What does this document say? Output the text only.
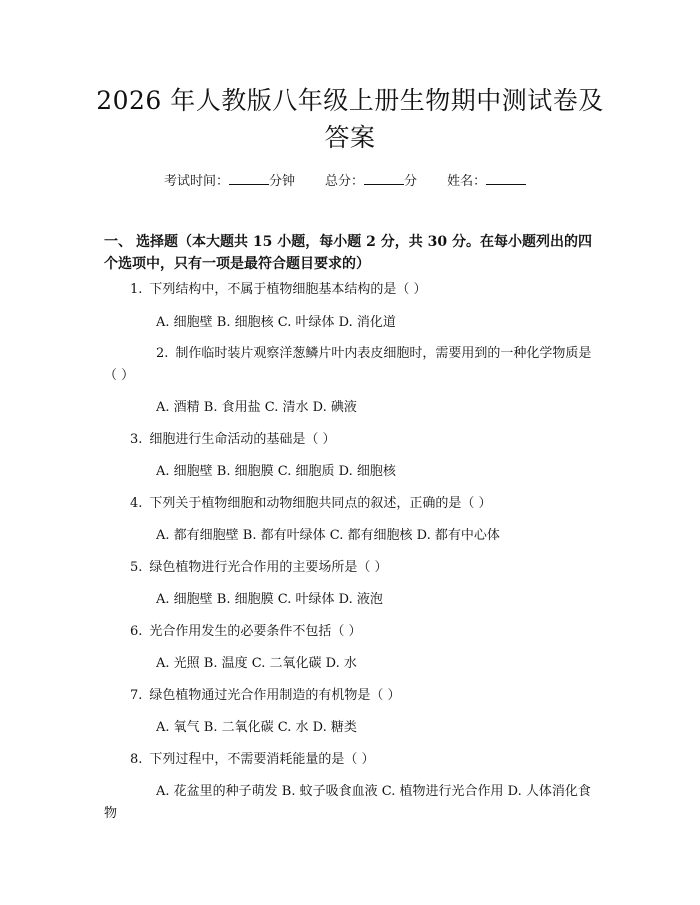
2026 年人教版八年级上册生物期中测试卷及
答案
考试时间：	分钟 总分：	分 姓名：
一、 选择题（本大题共 15 小题，每小题 2 分，共 30 分。在每小题列出的四个选项中，只有一项是最符合题目要求的）
1. 下列结构中，不属于植物细胞基本结构的是（ ）
A. 细胞壁 B. 细胞核 C. 叶绿体 D. 消化道
2. 制作临时装片观察洋葱鳞片叶内表皮细胞时，需要用到的一种化学物质是（ ）
A. 酒精 B. 食用盐 C. 清水 D. 碘液
3. 细胞进行生命活动的基础是（ ）
A. 细胞壁 B. 细胞膜 C. 细胞质 D. 细胞核
4. 下列关于植物细胞和动物细胞共同点的叙述，正确的是（ ）
A. 都有细胞壁 B. 都有叶绿体 C. 都有细胞核 D. 都有中心体
5. 绿色植物进行光合作用的主要场所是（ ）
A. 细胞壁 B. 细胞膜 C. 叶绿体 D. 液泡
6. 光合作用发生的必要条件不包括（ ）
A. 光照 B. 温度 C. 二氧化碳 D. 水
7. 绿色植物通过光合作用制造的有机物是（ ）
A. 氧气 B. 二氧化碳 C. 水 D. 糖类
8. 下列过程中，不需要消耗能量的是（ ）
A. 花盆里的种子萌发 B. 蚊子吸食血液 C. 植物进行光合作用 D. 人体消化食物
